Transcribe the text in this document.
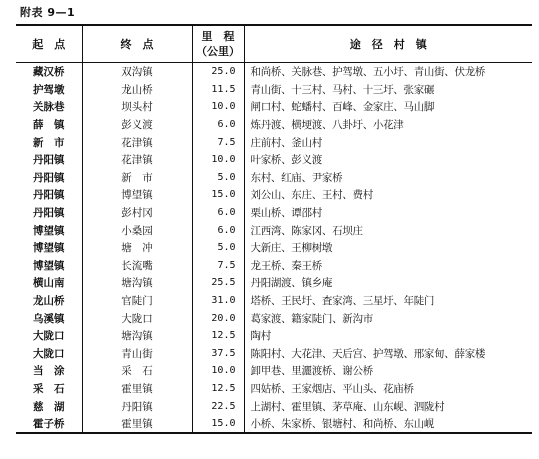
附表 9—1
起　点	终　点	里　程
（公里）	途　径　村　镇
藏汉桥	双沟镇	25.0	和尚桥、关脉巷、护驾墩、五小圩、青山街、伏龙桥
护驾墩	龙山桥	11.5	青山街、十三村、马村、十三圩、张家碾
关脉巷	坝头村	10.0	闸口村、蛇蟠村、百峰、金家庄、马山脚
薛　镇	彭义渡	6.0	炼丹渡、横埂渡、八卦圩、小花津
新　市	花津镇	7.5	庄前村、釜山村
丹阳镇	花津镇	10.0	叶家桥、彭义渡
丹阳镇	新　市	5.0	东村、红庙、尹家桥
丹阳镇	博望镇	15.0	刘公山、东庄、王村、费村
丹阳镇	彭村冈	6.0	栗山桥、谭邵村
博望镇	小桑园	6.0	江西湾、陈家冈、石坝庄
博望镇	塘　冲	5.0	大新庄、王柳树墩
博望镇	长流嘴	7.5	龙王桥、秦王桥
横山南	塘沟镇	25.5	丹阳湖渡、镇乡庵
龙山桥	官陡门	31.0	塔桥、王民圩、査家湾、三星圩、年陡门
乌溪镇	大陇口	20.0	葛家渡、籍家陡门、新沟市
大陇口	塘沟镇	12.5	陶村
大陇口	青山街	37.5	陈阳村、大花津、天后宫、护驾墩、邢家甸、薛家楼
当　涂	采　石	10.0	卸甲巷、里灑渡桥、谢公桥
采　石	霍里镇	12.5	四姑桥、王家烟店、平山头、花庙桥
慈　湖	丹阳镇	22.5	上湖村、霍里镇、茅草庵、山东岘、泗陇村
霍子桥	霍里镇	15.0	小桥、朱家桥、银塘村、和尚桥、东山岘
